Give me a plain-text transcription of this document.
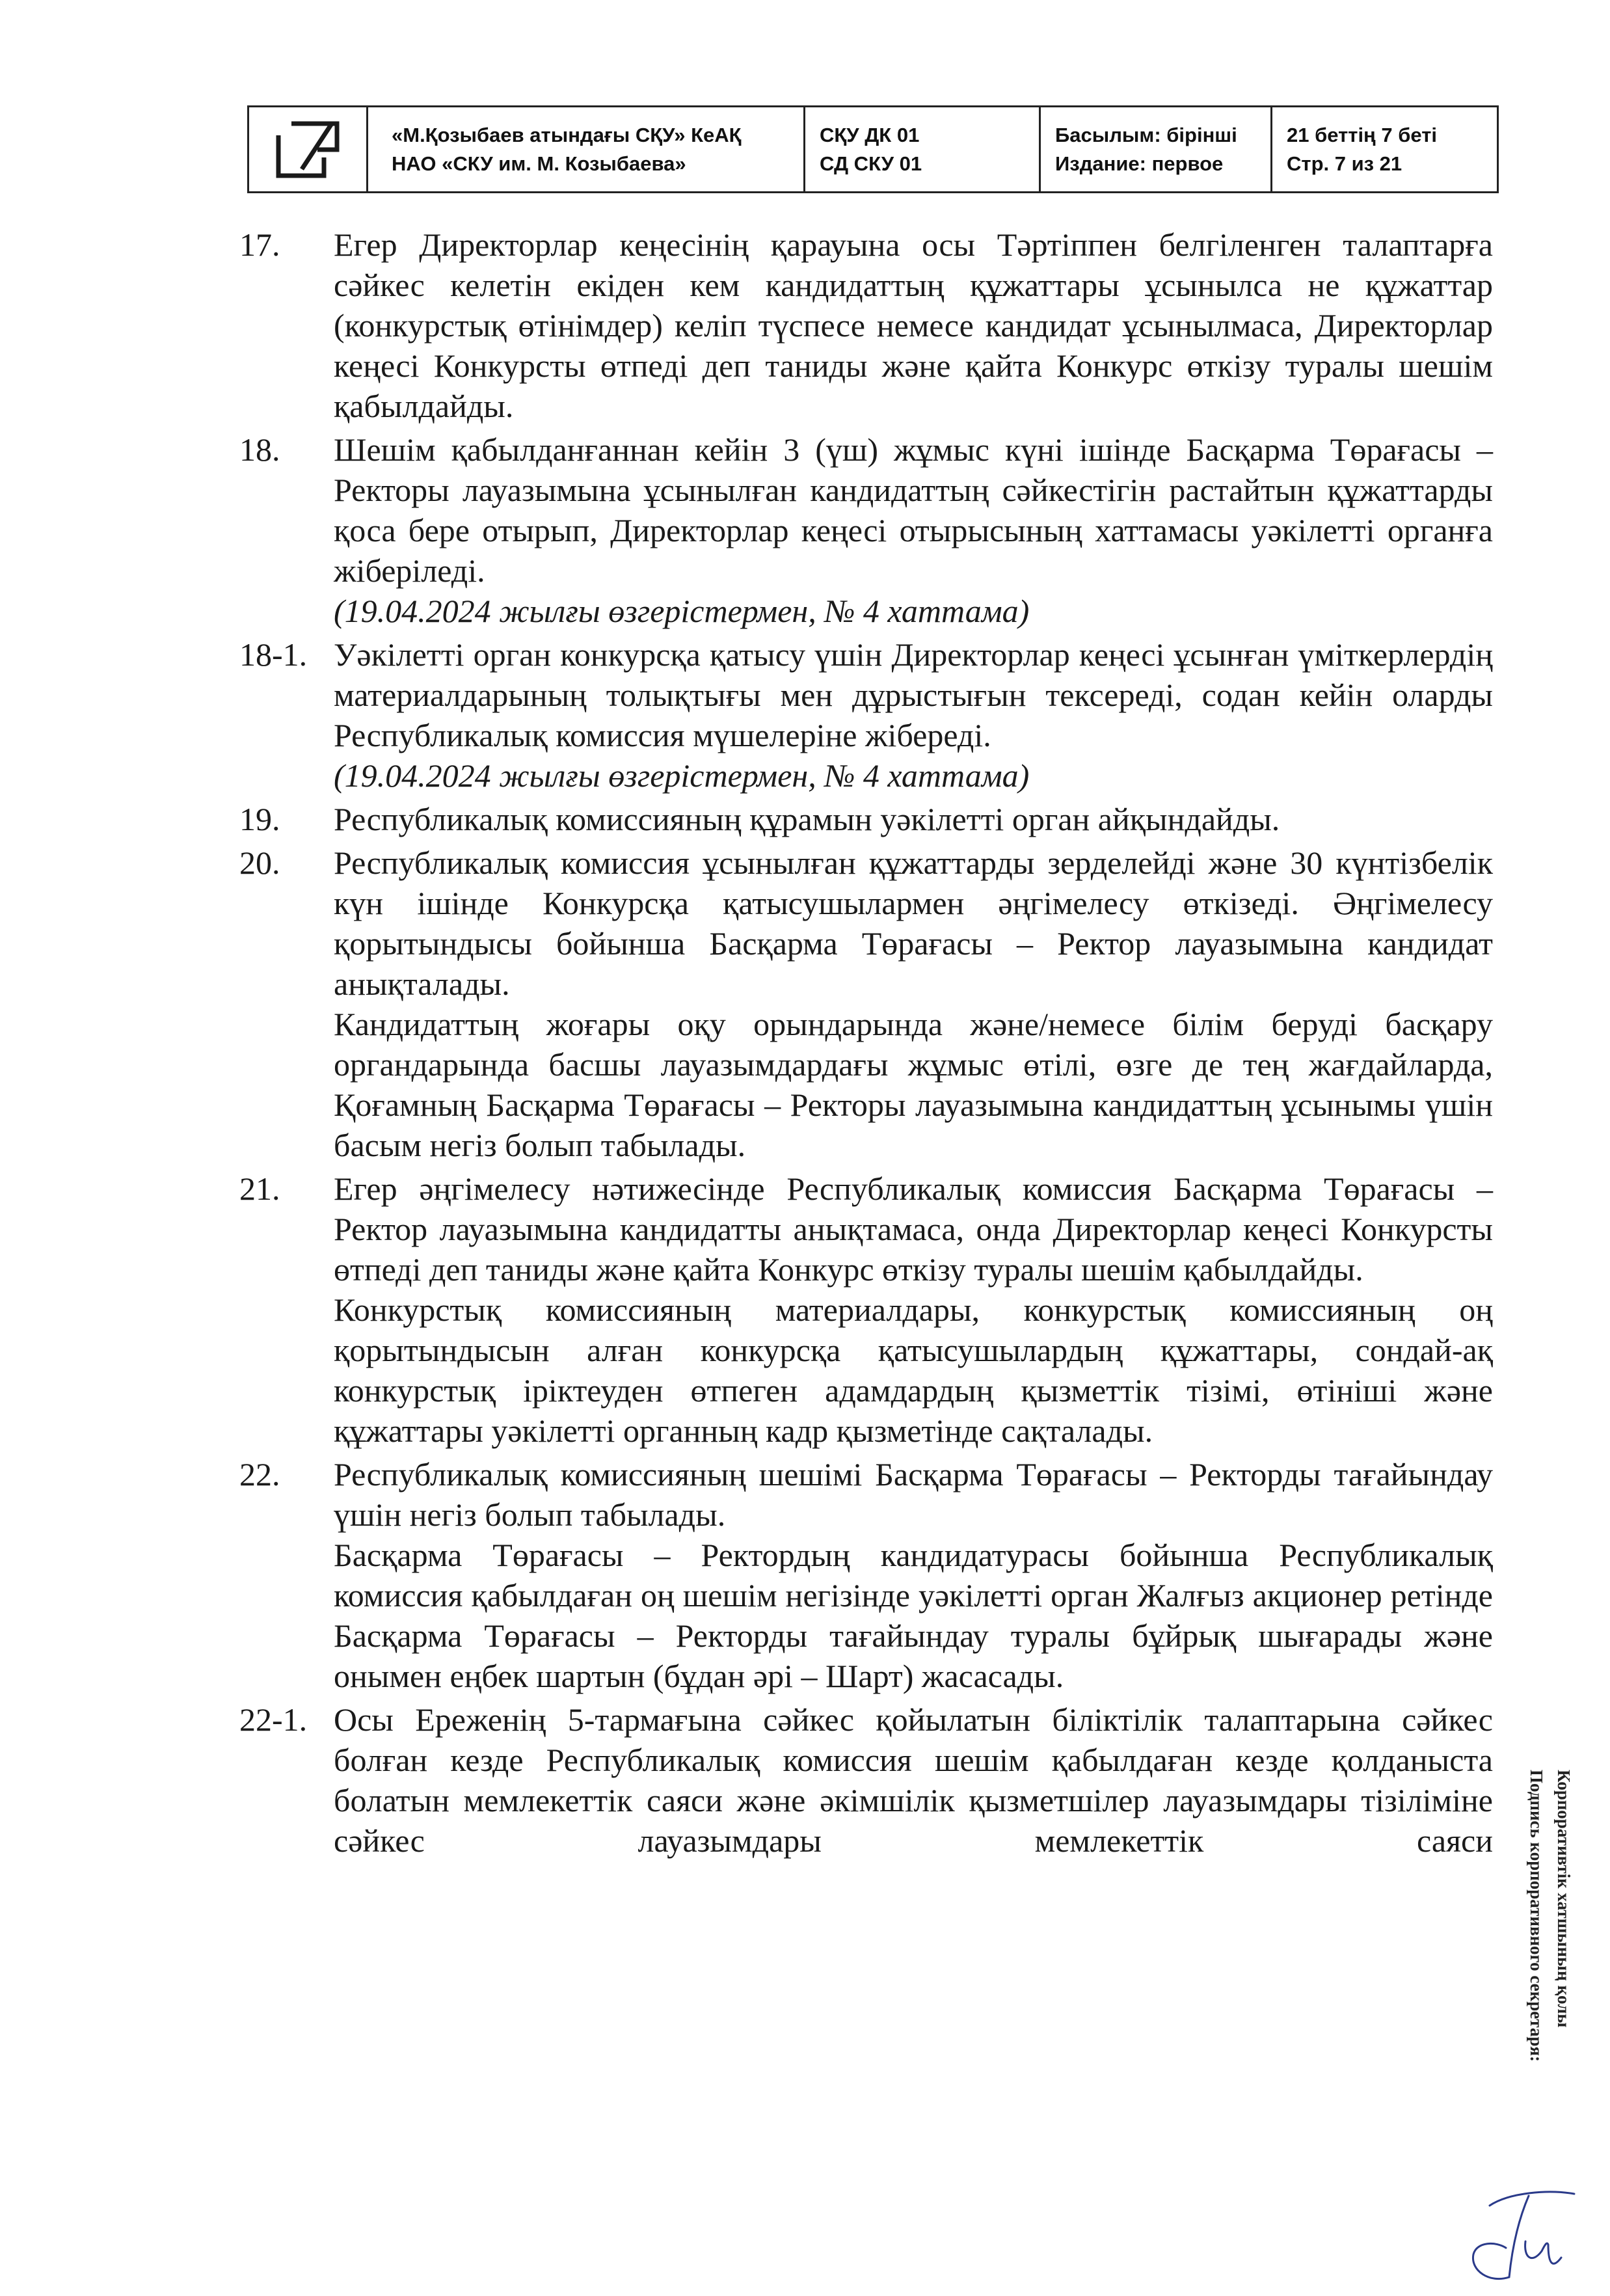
«М.Қозыбаев атындағы СҚУ» КеАҚ
НАО «СКУ им. М. Козыбаева»
СҚУ ДК 01
СД СКУ 01
Басылым: бірінші
Издание: первое
21 беттің 7 беті
Стр. 7 из 21
17. Егер Директорлар кеңесінің қарауына осы Тәртіппен белгіленген талаптарға сәйкес келетін екіден кем кандидаттың құжаттары ұсынылса не құжаттар (конкурстық өтінімдер) келіп түспесе немесе кандидат ұсынылмаса, Директорлар кеңесі Конкурсты өтпеді деп таниды және қайта Конкурс өткізу туралы шешім қабылдайды.
18. Шешім қабылданғаннан кейін 3 (үш) жұмыс күні ішінде Басқарма Төрағасы – Ректоры лауазымына ұсынылған кандидаттың сәйкестігін растайтын құжаттарды қоса бере отырып, Директорлар кеңесі отырысының хаттамасы уәкілетті органға жіберіледі.
(19.04.2024 жылғы өзгерістермен, № 4 хаттама)
18-1. Уәкілетті орган конкурсқа қатысу үшін Директорлар кеңесі ұсынған үміткерлердің материалдарының толықтығы мен дұрыстығын тексереді, содан кейін оларды Республикалық комиссия мүшелеріне жібереді.
(19.04.2024 жылғы өзгерістермен, № 4 хаттама)
19. Республикалық комиссияның құрамын уәкілетті орган айқындайды.
20. Республикалық комиссия ұсынылған құжаттарды зерделейді және 30 күнтізбелік күн ішінде Конкурсқа қатысушылармен әңгімелесу өткізеді. Әңгімелесу қорытындысы бойынша Басқарма Төрағасы – Ректор лауазымына кандидат анықталады.
Кандидаттың жоғары оқу орындарында және/немесе білім беруді басқару органдарында басшы лауазымдардағы жұмыс өтілі, өзге де тең жағдайларда, Қоғамның Басқарма Төрағасы – Ректоры лауазымына кандидаттың ұсынымы үшін басым негіз болып табылады.
21. Егер әңгімелесу нәтижесінде Республикалық комиссия Басқарма Төрағасы – Ректор лауазымына кандидатты анықтамаса, онда Директорлар кеңесі Конкурсты өтпеді деп таниды және қайта Конкурс өткізу туралы шешім қабылдайды.
Конкурстық комиссияның материалдары, конкурстық комиссияның оң қорытындысын алған конкурсқа қатысушылардың құжаттары, сондай-ақ конкурстық іріктеуден өтпеген адамдардың қызметтік тізімі, өтініші және құжаттары уәкілетті органның кадр қызметінде сақталады.
22. Республикалық комиссияның шешімі Басқарма Төрағасы – Ректорды тағайындау үшін негіз болып табылады.
Басқарма Төрағасы – Ректордың кандидатурасы бойынша Республикалық комиссия қабылдаған оң шешім негізінде уәкілетті орган Жалғыз акционер ретінде Басқарма Төрағасы – Ректорды тағайындау туралы бұйрық шығарады және онымен еңбек шартын (бұдан әрі – Шарт) жасасады.
22-1. Осы Ереженің 5-тармағына сәйкес қойылатын біліктілік талаптарына сәйкес болған кезде Республикалық комиссия шешім қабылдаған кезде қолданыста болатын мемлекеттік саяси және әкімшілік қызметшілер лауазымдары тізіліміне сәйкес лауазымдары мемлекеттік саяси	Корпоративтік хатшының қолы
Подпись корпоративного секретаря:
